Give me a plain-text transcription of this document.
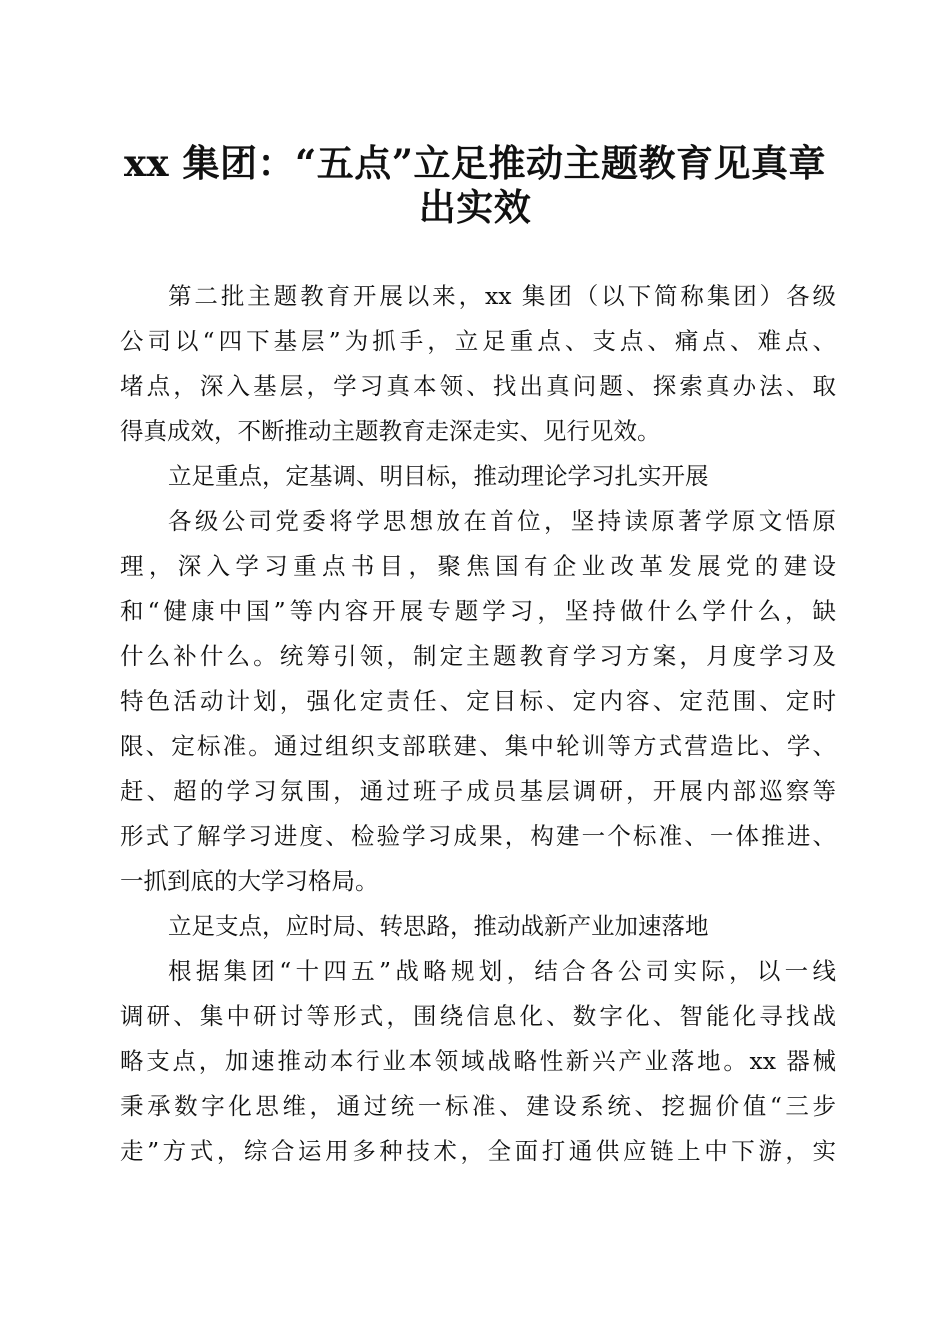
xx 集团：“五点”立足推动主题教育见真章
出实效
第二批主题教育开展以来，xx 集团（以下简称集团）各级
公司以“四下基层”为抓手，立足重点、支点、痛点、难点、
堵点，深入基层，学习真本领、找出真问题、探索真办法、取
得真成效，不断推动主题教育走深走实、见行见效。
立足重点，定基调、明目标，推动理论学习扎实开展
各级公司党委将学思想放在首位，坚持读原著学原文悟原
理，深入学习重点书目，聚焦国有企业改革发展党的建设
和“健康中国”等内容开展专题学习，坚持做什么学什么，缺
什么补什么。统筹引领，制定主题教育学习方案，月度学习及
特色活动计划，强化定责任、定目标、定内容、定范围、定时
限、定标准。通过组织支部联建、集中轮训等方式营造比、学、
赶、超的学习氛围，通过班子成员基层调研，开展内部巡察等
形式了解学习进度、检验学习成果，构建一个标准、一体推进、
一抓到底的大学习格局。
立足支点，应时局、转思路，推动战新产业加速落地
根据集团“十四五”战略规划，结合各公司实际，以一线
调研、集中研讨等形式，围绕信息化、数字化、智能化寻找战
略支点，加速推动本行业本领域战略性新兴产业落地。xx 器械
秉承数字化思维，通过统一标准、建设系统、挖掘价值“三步
走”方式，综合运用多种技术，全面打通供应链上中下游，实
